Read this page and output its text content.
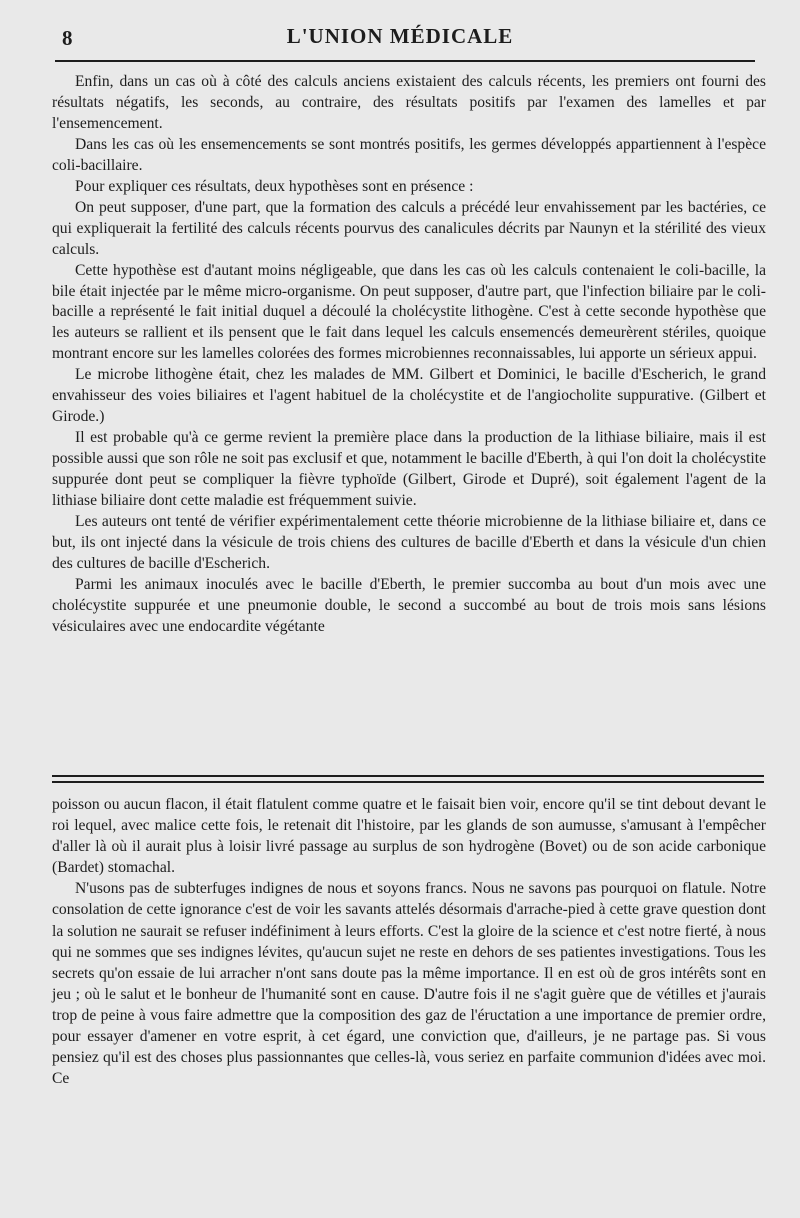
8	L'UNION MÉDICALE

Enfin, dans un cas où à côté des calculs anciens existaient des calculs récents, les premiers ont fourni des résultats négatifs, les seconds, au contraire, des résultats positifs par l'examen des lamelles et par l'ensemencement.

Dans les cas où les ensemencements se sont montrés positifs, les germes développés appartiennent à l'espèce coli-bacillaire.

Pour expliquer ces résultats, deux hypothèses sont en présence :

On peut supposer, d'une part, que la formation des calculs a précédé leur envahissement par les bactéries, ce qui expliquerait la fertilité des calculs récents pourvus des canalicules décrits par Naunyn et la stérilité des vieux calculs.

Cette hypothèse est d'autant moins négligeable, que dans les cas où les calculs contenaient le coli-bacille, la bile était injectée par le même micro-organisme. On peut supposer, d'autre part, que l'infection biliaire par le coli-bacille a représenté le fait initial duquel a découlé la cholécystite lithogène. C'est à cette seconde hypothèse que les auteurs se rallient et ils pensent que le fait dans lequel les calculs ensemencés demeurèrent stériles, quoique montrant encore sur les lamelles colorées des formes microbiennes reconnaissables, lui apporte un sérieux appui.

Le microbe lithogène était, chez les malades de MM. Gilbert et Dominici, le bacille d'Escherich, le grand envahisseur des voies biliaires et l'agent habituel de la cholécystite et de l'angiocholite suppurative. (Gilbert et Girode.)

Il est probable qu'à ce germe revient la première place dans la production de la lithiase biliaire, mais il est possible aussi que son rôle ne soit pas exclusif et que, notamment le bacille d'Eberth, à qui l'on doit la cholécystite suppurée dont peut se compliquer la fièvre typhoïde (Gilbert, Girode et Dupré), soit également l'agent de la lithiase biliaire dont cette maladie est fréquemment suivie.

Les auteurs ont tenté de vérifier expérimentalement cette théorie microbienne de la lithiase biliaire et, dans ce but, ils ont injecté dans la vésicule de trois chiens des cultures de bacille d'Eberth et dans la vésicule d'un chien des cultures de bacille d'Escherich.

Parmi les animaux inoculés avec le bacille d'Eberth, le premier succomba au bout d'un mois avec une cholécystite suppurée et une pneumonie double, le second a succombé au bout de trois mois sans lésions vésiculaires avec une endocardite végétante

poisson ou aucun flacon, il était flatulent comme quatre et le faisait bien voir, encore qu'il se tint debout devant le roi lequel, avec malice cette fois, le retenait dit l'histoire, par les glands de son aumusse, s'amusant à l'empêcher d'aller là où il aurait plus à loisir livré passage au surplus de son hydrogène (Bovet) ou de son acide carbonique (Bardet) stomachal.

N'usons pas de subterfuges indignes de nous et soyons francs. Nous ne savons pas pourquoi on flatule. Notre consolation de cette ignorance c'est de voir les savants attelés désormais d'arrache-pied à cette grave question dont la solution ne saurait se refuser indéfiniment à leurs efforts. C'est la gloire de la science et c'est notre fierté, à nous qui ne sommes que ses indignes lévites, qu'aucun sujet ne reste en dehors de ses patientes investigations. Tous les secrets qu'on essaie de lui arracher n'ont sans doute pas la même importance. Il en est où de gros intérêts sont en jeu ; où le salut et le bonheur de l'humanité sont en cause. D'autre fois il ne s'agit guère que de vétilles et j'aurais trop de peine à vous faire admettre que la composition des gaz de l'éructation a une importance de premier ordre, pour essayer d'amener en votre esprit, à cet égard, une conviction que, d'ailleurs, je ne partage pas. Si vous pensiez qu'il est des choses plus passionnantes que celles-là, vous seriez en parfaite communion d'idées avec moi. Ce
